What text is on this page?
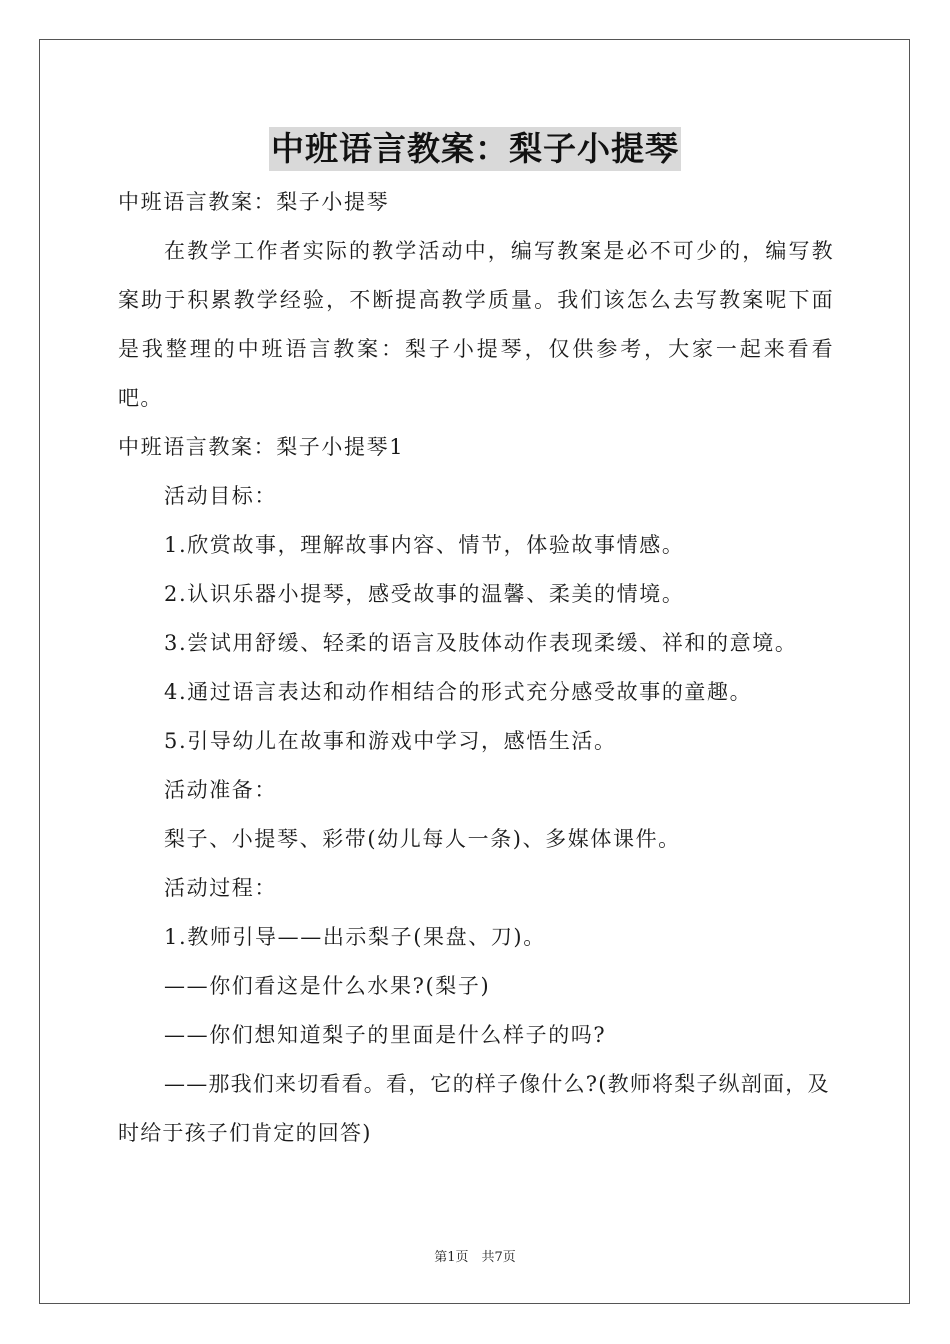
中班语言教案：梨子小提琴

中班语言教案：梨子小提琴

在教学工作者实际的教学活动中，编写教案是必不可少的，编写教案助于积累教学经验，不断提高教学质量。我们该怎么去写教案呢下面是我整理的中班语言教案：梨子小提琴，仅供参考，大家一起来看看吧。

中班语言教案：梨子小提琴1

活动目标：

1.欣赏故事，理解故事内容、情节，体验故事情感。

2.认识乐器小提琴，感受故事的温馨、柔美的情境。

3.尝试用舒缓、轻柔的语言及肢体动作表现柔缓、祥和的意境。

4.通过语言表达和动作相结合的形式充分感受故事的童趣。

5.引导幼儿在故事和游戏中学习，感悟生活。

活动准备：

梨子、小提琴、彩带(幼儿每人一条)、多媒体课件。

活动过程：

1.教师引导——出示梨子(果盘、刀)。

——你们看这是什么水果?(梨子)

——你们想知道梨子的里面是什么样子的吗?

——那我们来切看看。看，它的样子像什么?(教师将梨子纵剖面，及时给于孩子们肯定的回答)

第1页　共7页
